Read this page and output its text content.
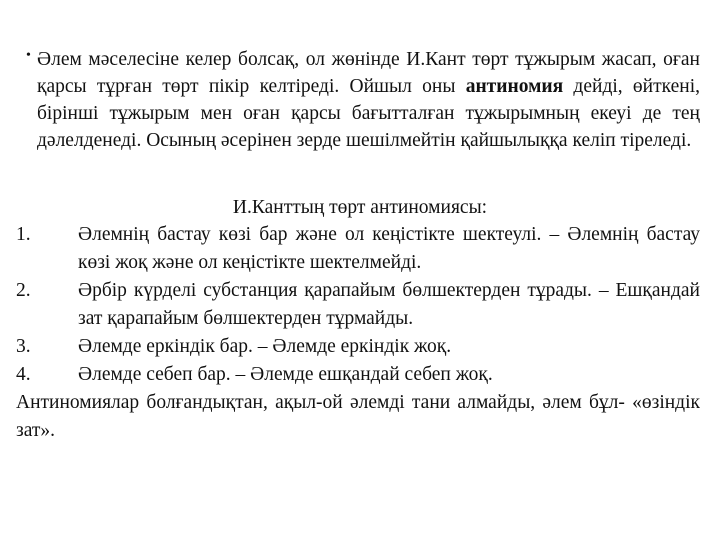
• Әлем мәселесіне келер болсақ, ол жөнінде И.Кант төрт тұжырым жасап, оған қарсы тұрған төрт пікір келтіреді. Ойшыл оны антиномия дейді, өйткені, бірінші тұжырым мен оған қарсы бағытталған тұжырымның екеуі де тең дәлелденеді. Осының әсерінен зерде шешілмейтін қайшылыққа келіп тіреледі.
И.Канттың төрт антиномиясы:
1. Әлемнің бастау көзі бар және ол кеңістікте шектеулі. – Әлемнің бастау көзі жоқ және ол кеңістікте шектелмейді.
2. Әрбір күрделі субстанция қарапайым бөлшектерден тұрады. – Ешқандай зат қарапайым бөлшектерден тұрмайды.
3. Әлемде еркіндік бар. – Әлемде еркіндік жоқ.
4. Әлемде себеп бар. – Әлемде ешқандай себеп жоқ.
Антиномиялар болғандықтан, ақыл-ой әлемді тани алмайды, әлем бұл- «өзіндік зат».
